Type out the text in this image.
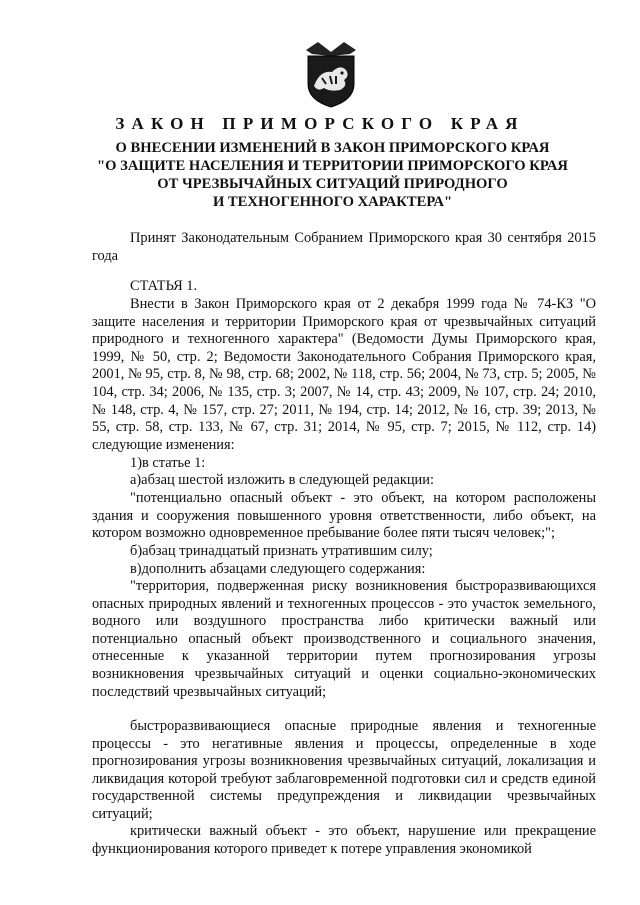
ЗАКОН ПРИМОРСКОГО КРАЯ
О ВНЕСЕНИИ ИЗМЕНЕНИЙ В ЗАКОН ПРИМОРСКОГО КРАЯ
"О ЗАЩИТЕ НАСЕЛЕНИЯ И ТЕРРИТОРИИ ПРИМОРСКОГО КРАЯ
ОТ ЧРЕЗВЫЧАЙНЫХ СИТУАЦИЙ ПРИРОДНОГО
И ТЕХНОГЕННОГО ХАРАКТЕРА"

Принят Законодательным Собранием Приморского края 30 сентября 2015 года

СТАТЬЯ 1.

Внести в Закон Приморского края от 2 декабря 1999 года № 74-КЗ "О защите населения и территории Приморского края от чрезвычайных ситуаций природного и техногенного характера" (Ведомости Думы Приморского края, 1999, № 50, стр. 2; Ведомости Законодательного Собрания Приморского края, 2001, № 95, стр. 8, № 98, стр. 68; 2002, № 118, стр. 56; 2004, № 73, стр. 5; 2005, № 104, стр. 34; 2006, № 135, стр. 3; 2007, № 14, стр. 43; 2009, № 107, стр. 24; 2010, № 148, стр. 4, № 157, стр. 27; 2011, № 194, стр. 14; 2012, № 16, стр. 39; 2013, № 55, стр. 58, стр. 133, № 67, стр. 31; 2014, № 95, стр. 7; 2015, № 112, стр. 14) следующие изменения:

1)в статье 1:

а)абзац шестой изложить в следующей редакции:

"потенциально опасный объект - это объект, на котором расположены здания и сооружения повышенного уровня ответственности, либо объект, на котором возможно одновременное пребывание более пяти тысяч человек;";

б)абзац тринадцатый признать утратившим силу;

в)дополнить абзацами следующего содержания:

"территория, подверженная риску возникновения быстроразвивающихся опасных природных явлений и техногенных процессов - это участок земельного, водного или воздушного пространства либо критически важный или потенциально опасный объект производственного и социального значения, отнесенные к указанной территории путем прогнозирования угрозы возникновения чрезвычайных ситуаций и оценки социально-экономических последствий чрезвычайных ситуаций;

быстроразвивающиеся опасные природные явления и техногенные процессы - это негативные явления и процессы, определенные в ходе прогнозирования угрозы возникновения чрезвычайных ситуаций, локализация и ликвидация которой требуют заблаговременной подготовки сил и средств единой государственной системы предупреждения и ликвидации чрезвычайных ситуаций;

критически важный объект - это объект, нарушение или прекращение функционирования которого приведет к потере управления экономикой
